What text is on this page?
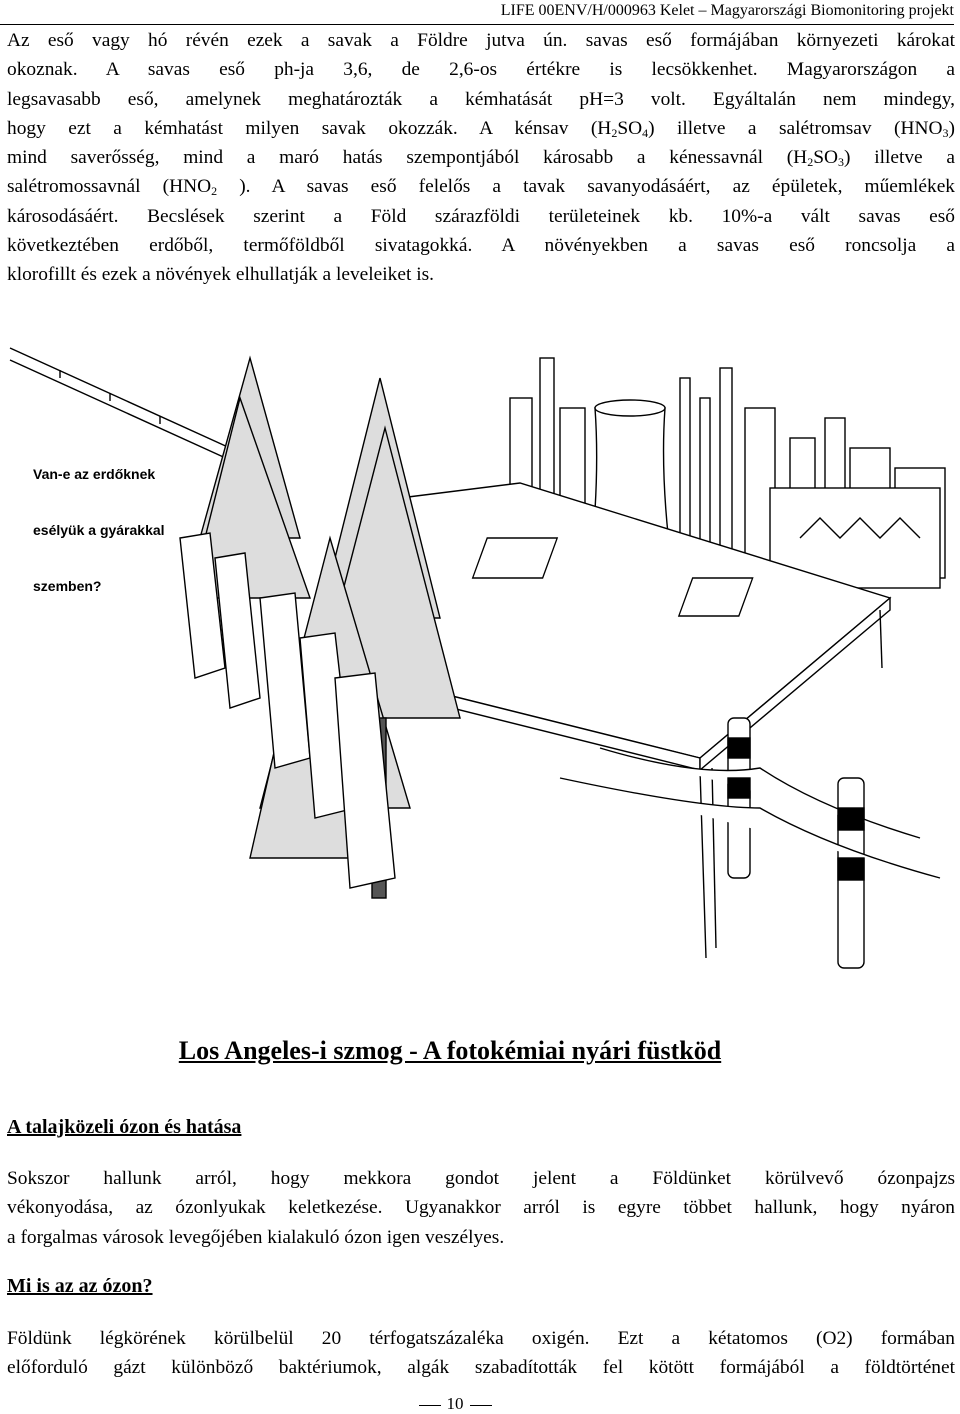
LIFE 00ENV/H/000963 Kelet – Magyarországi Biomonitoring projekt
Az eső vagy hó révén ezek a savak a Földre jutva ún. savas eső formájában környezeti károkat
okoznak. A savas eső ph-ja 3,6, de 2,6-os értékre is lecsökkenhet. Magyarországon a
legsavasabb eső, amelynek meghatározták a kémhatását pH=3 volt. Egyáltalán nem mindegy,
hogy ezt a kémhatást milyen savak okozzák. A kénsav $(H_2SO_4)$ illetve a salétromsav $(HNO_3)$
mind saverősség, mind a maró hatás szempontjából károsabb a kénessavnál $(H_2SO_3)$ illetve a
salétromossavnál ($HNO_2$ ). A savas eső felelős a tavak savanyodásáért, az épületek, műemlékek
károsodásáért. Becslések szerint a Föld szárazföldi területeinek kb. 10%-a vált savas eső
következtében erdőből, termőföldből sivatagokká. A növényekben a savas eső roncsolja a
klorofillt és ezek a növények elhullatják a leveleiket is.
Van-e az erdőknek
esélyük a gyárakkal
szemben?
Los Angeles-i szmog - A fotokémiai nyári füstköd
A talajközeli ózon és hatása
Sokszor hallunk arról, hogy mekkora gondot jelent a Földünket körülvevő ózonpajzs
vékonyodása, az ózonlyukak keletkezése. Ugyanakkor arról is egyre többet hallunk, hogy nyáron
a forgalmas városok levegőjében kialakuló ózon igen veszélyes.
Mi is az az ózon?
Földünk légkörének körülbelül 20 térfogatszázaléka oxigén. Ezt a kétatomos (O2) formában
előforduló gázt különböző baktériumok, algák szabadították fel kötött formájából a földtörténet
10
